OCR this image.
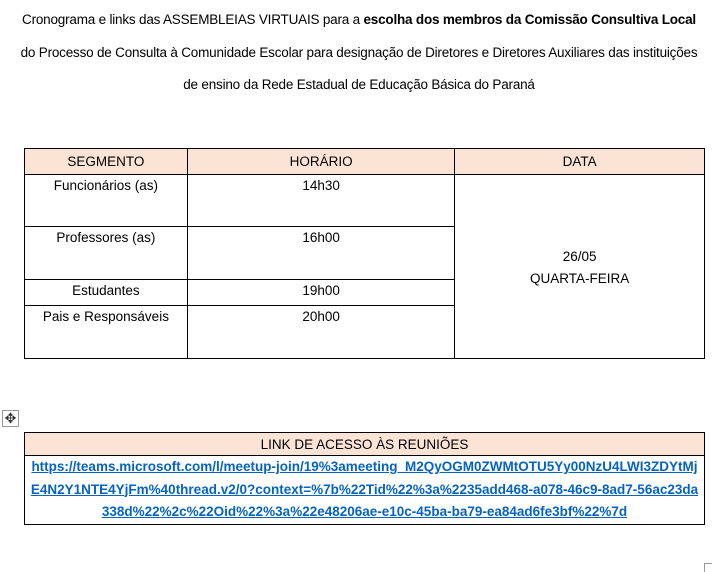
Cronograma e links das ASSEMBLEIAS VIRTUAIS para a escolha dos membros da Comissão Consultiva Local do Processo de Consulta à Comunidade Escolar para designação de Diretores e Diretores Auxiliares das instituições de ensino da Rede Estadual de Educação Básica do Paraná
SEGMENTO	HORÁRIO	DATA
Funcionários (as)	14h30	26/05
QUARTA-FEIRA

Professores (as)	16h00	
Estudantes	19h00	
Pais e Responsáveis	20h00	
✥
LINK DE ACESSO ÀS REUNIÕES
https://teams.microsoft.com/l/meetup-join/19%3ameeting_M2QyOGM0ZWMtOTU5Yy00NzU4LWI3ZDYtMjE4N2Y1NTE4YjFm%40thread.v2/0?context=%7b%22Tid%22%3a%2235add468-a078-46c9-8ad7-56ac23da338d%22%2c%22Oid%22%3a%22e48206ae-e10c-45ba-ba79-ea84ad6fe3bf%22%7d
